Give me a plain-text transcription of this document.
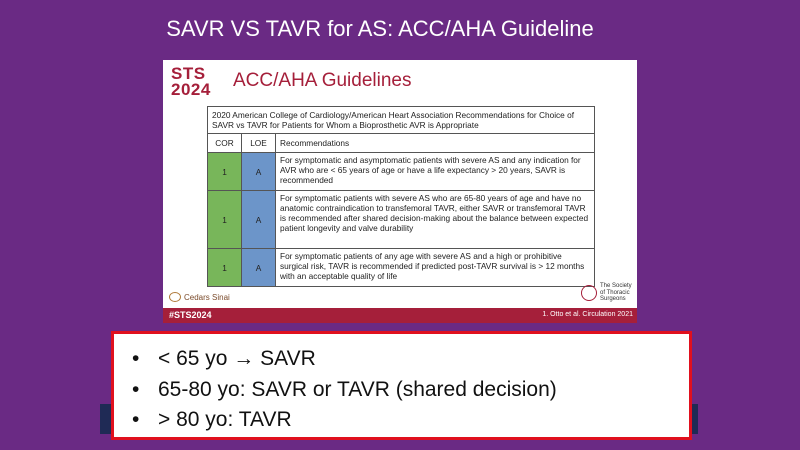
SAVR VS TAVR for AS: ACC/AHA Guideline
STS
2024	ACC/AHA Guidelines
2020 American College of Cardiology/American Heart Association Recommendations for Choice of SAVR vs TAVR for Patients for Whom a Bioprosthetic AVR is Appropriate		
COR	LOE	Recommendations
1	A	For symptomatic and asymptomatic patients with severe AS and any indication for AVR who are < 65 years of age or have a life expectancy > 20 years, SAVR is recommended
1	A	For symptomatic patients with severe AS who are 65-80 years of age and have no anatomic contraindication to transfemoral TAVR, either SAVR or transfemoral TAVR is recommended after shared decision-making about the balance between expected patient longevity and valve durability
1	A	For symptomatic patients of any age with severe AS and a high or prohibitive surgical risk, TAVR is recommended if predicted post-TAVR survival is > 12 months with an acceptable quality of life
Cedars Sinai
The Society of Thoracic Surgeons
#STS2024	1. Otto et al. Circulation 2021
• < 65 yo → SAVR
• 65-80 yo: SAVR or TAVR (shared decision)
• > 80 yo: TAVR
